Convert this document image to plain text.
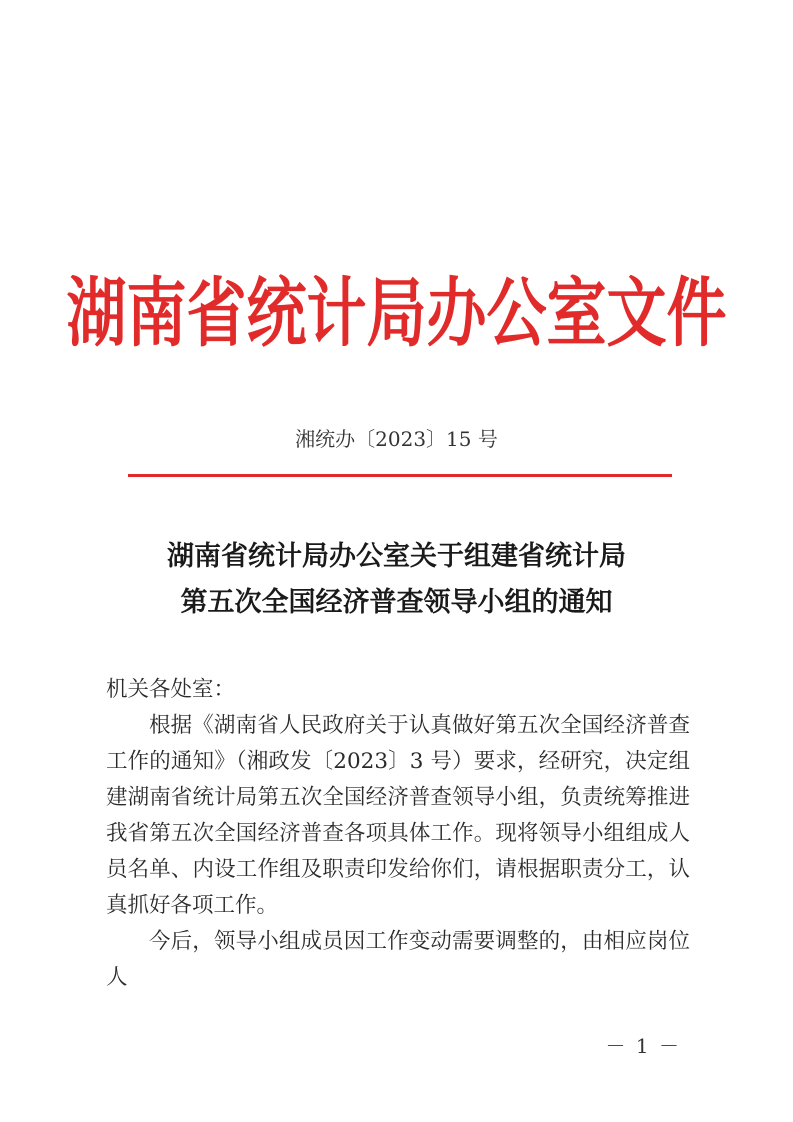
湖南省统计局办公室文件
湘统办〔2023〕15 号
湖南省统计局办公室关于组建省统计局
第五次全国经济普查领导小组的通知

机关各处室：

根据《湖南省人民政府关于认真做好第五次全国经济普查工作的通知》（湘政发〔2023〕3 号）要求，经研究，决定组建湖南省统计局第五次全国经济普查领导小组，负责统筹推进我省第五次全国经济普查各项具体工作。现将领导小组组成人员名单、内设工作组及职责印发给你们，请根据职责分工，认真抓好各项工作。

今后，领导小组成员因工作变动需要调整的，由相应岗位人

－ 1 －
